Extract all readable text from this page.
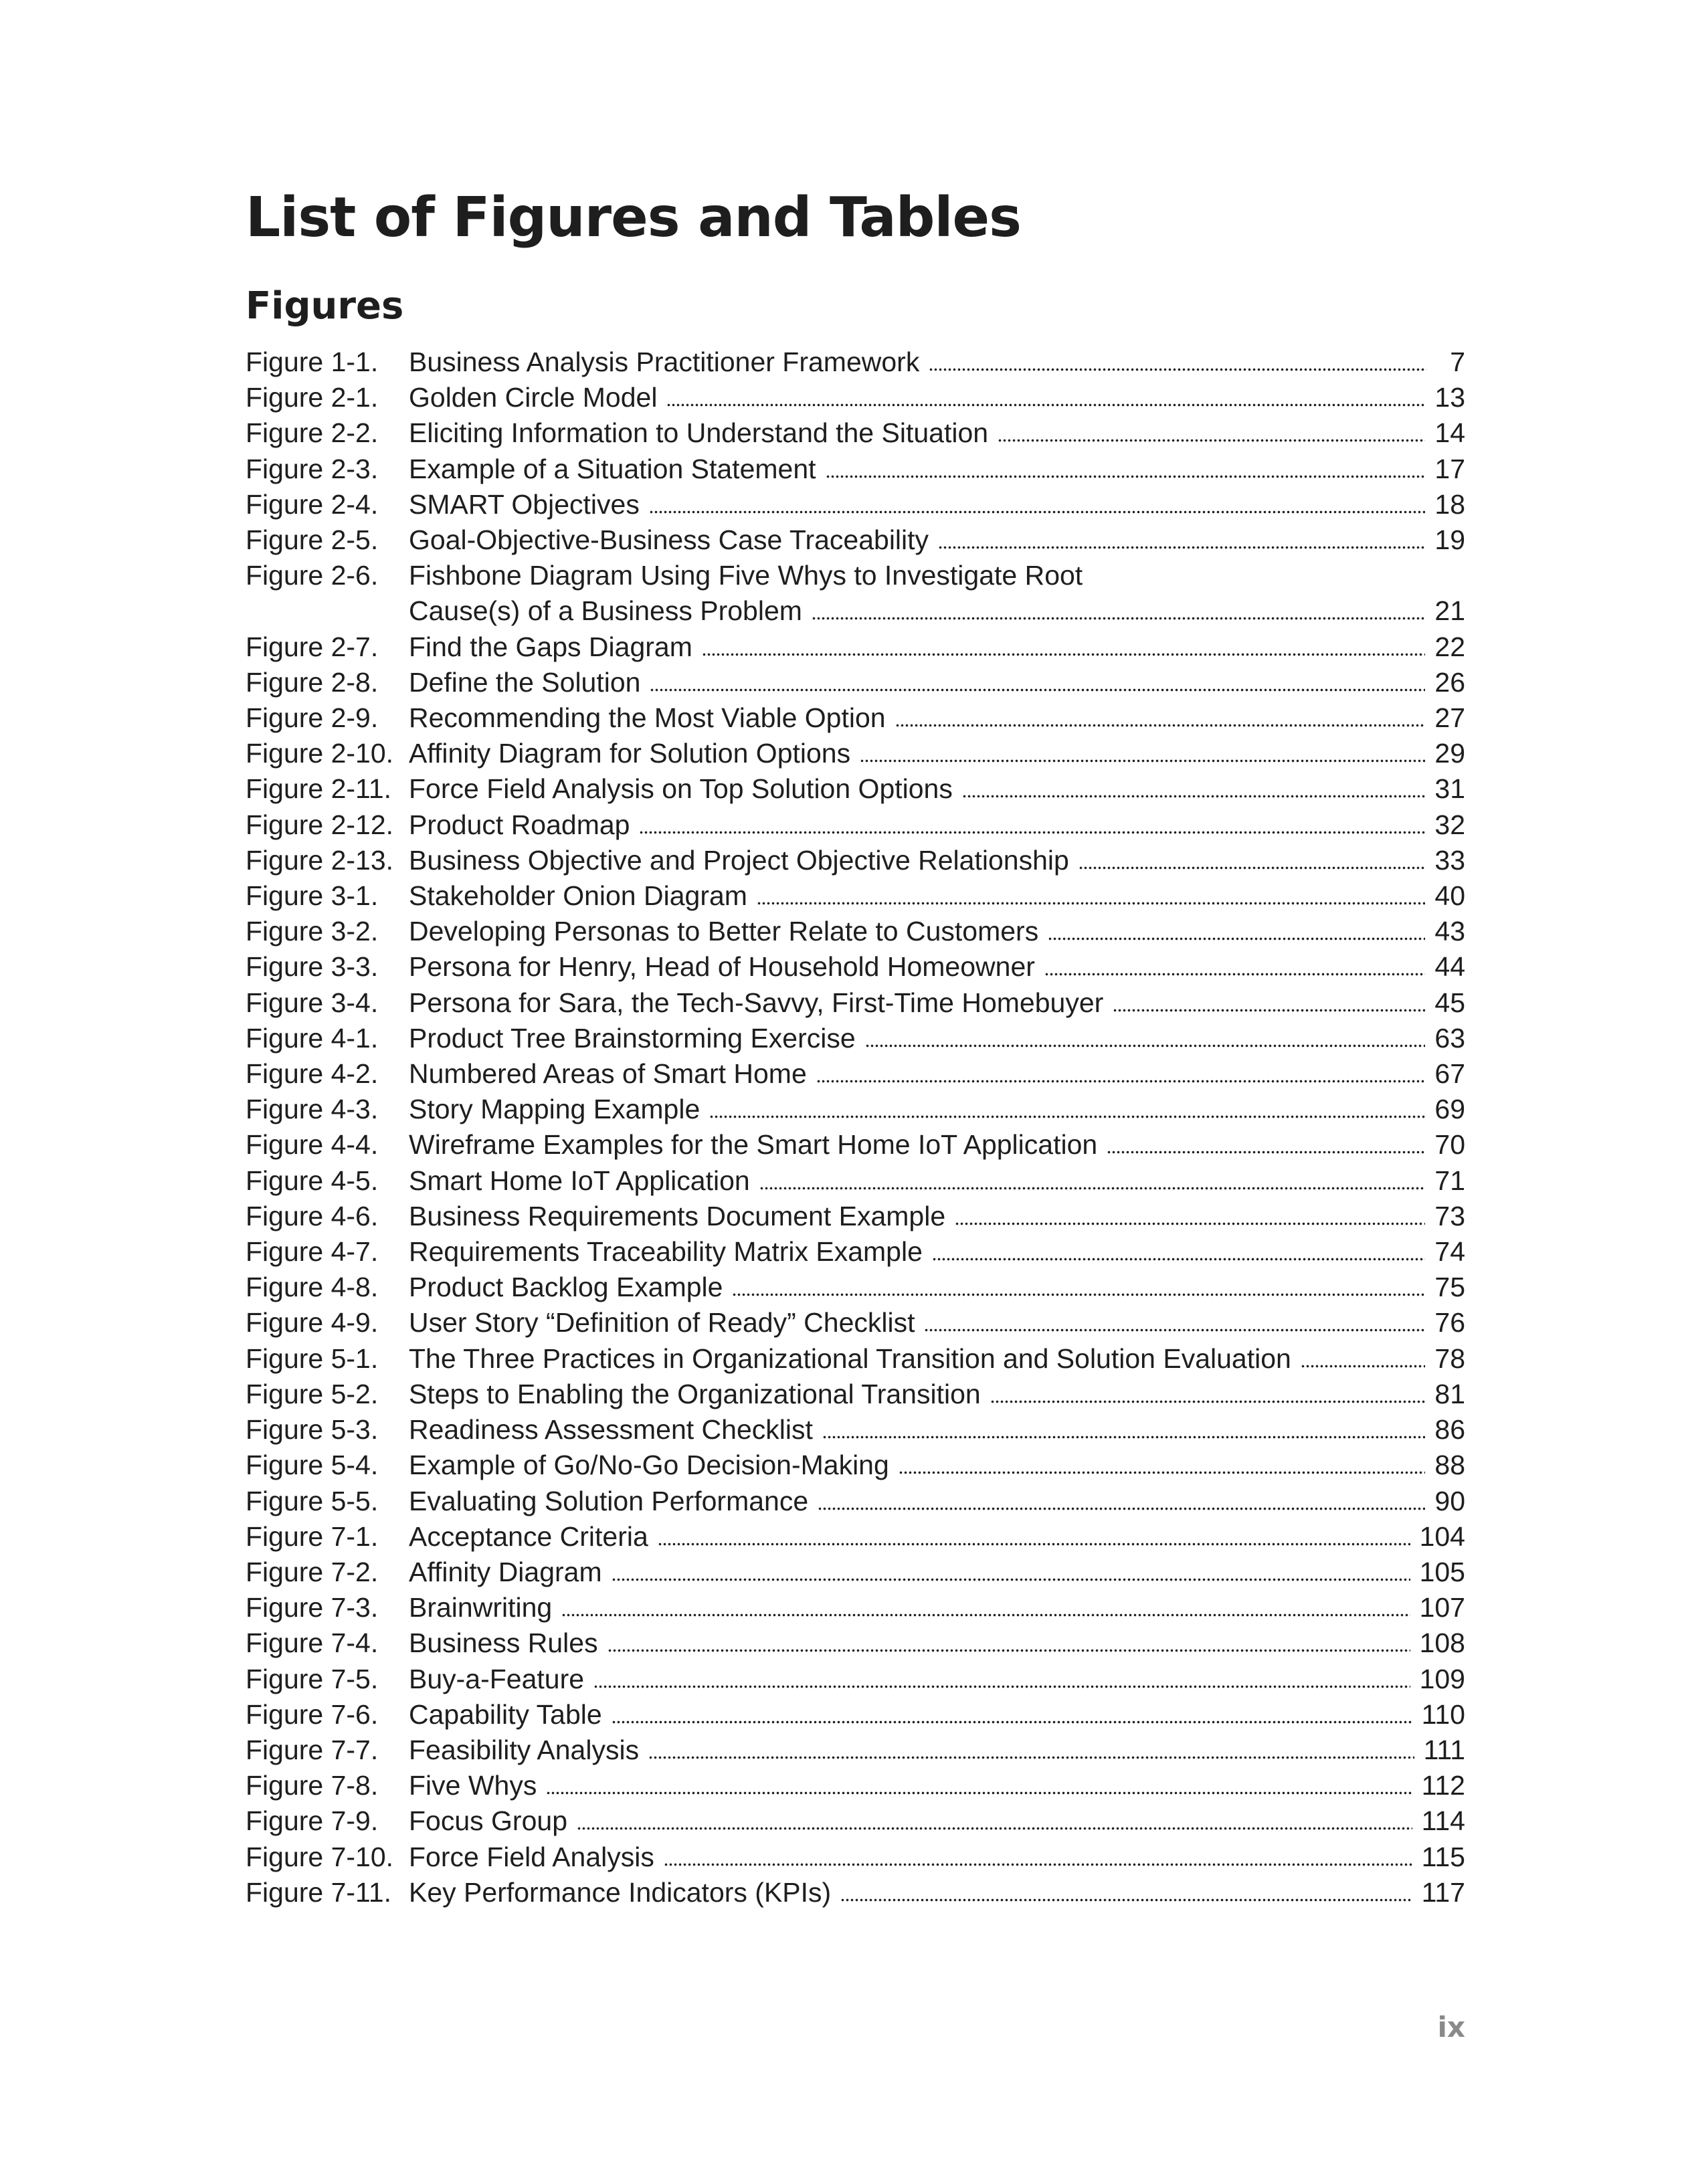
List of Figures and Tables
Figures
Figure 1-1.	Business Analysis Practitioner Framework	7
Figure 2-1.	Golden Circle Model	13
Figure 2-2.	Eliciting Information to Understand the Situation	14
Figure 2-3.	Example of a Situation Statement	17
Figure 2-4.	SMART Objectives	18
Figure 2-5.	Goal-Objective-Business Case Traceability	19
Figure 2-6.	Fishbone Diagram Using Five Whys to Investigate Root
Cause(s) of a Business Problem	21
Figure 2-7.	Find the Gaps Diagram	22
Figure 2-8.	Define the Solution	26
Figure 2-9.	Recommending the Most Viable Option	27
Figure 2-10. Affinity Diagram for Solution Options	29
Figure 2-11. Force Field Analysis on Top Solution Options	31
Figure 2-12. Product Roadmap	32
Figure 2-13. Business Objective and Project Objective Relationship	33
Figure 3-1.	Stakeholder Onion Diagram	40
Figure 3-2.	Developing Personas to Better Relate to Customers	43
Figure 3-3.	Persona for Henry, Head of Household Homeowner	44
Figure 3-4.	Persona for Sara, the Tech-Savvy, First-Time Homebuyer	45
Figure 4-1.	Product Tree Brainstorming Exercise	63
Figure 4-2.	Numbered Areas of Smart Home	67
Figure 4-3.	Story Mapping Example	69
Figure 4-4.	Wireframe Examples for the Smart Home IoT Application	70
Figure 4-5.	Smart Home IoT Application	71
Figure 4-6.	Business Requirements Document Example	73
Figure 4-7.	Requirements Traceability Matrix Example	74
Figure 4-8.	Product Backlog Example	75
Figure 4-9.	User Story “Definition of Ready” Checklist	76
Figure 5-1.	The Three Practices in Organizational Transition and Solution Evaluation	78
Figure 5-2.	Steps to Enabling the Organizational Transition	81
Figure 5-3.	Readiness Assessment Checklist	86
Figure 5-4.	Example of Go/No-Go Decision-Making	88
Figure 5-5.	Evaluating Solution Performance	90
Figure 7-1.	Acceptance Criteria	104
Figure 7-2.	Affinity Diagram	105
Figure 7-3.	Brainwriting	107
Figure 7-4.	Business Rules	108
Figure 7-5.	Buy-a-Feature	109
Figure 7-6.	Capability Table	110
Figure 7-7.	Feasibility Analysis	111
Figure 7-8.	Five Whys	112
Figure 7-9.	Focus Group	114
Figure 7-10. Force Field Analysis	115
Figure 7-11. Key Performance Indicators (KPIs)	117
ix
